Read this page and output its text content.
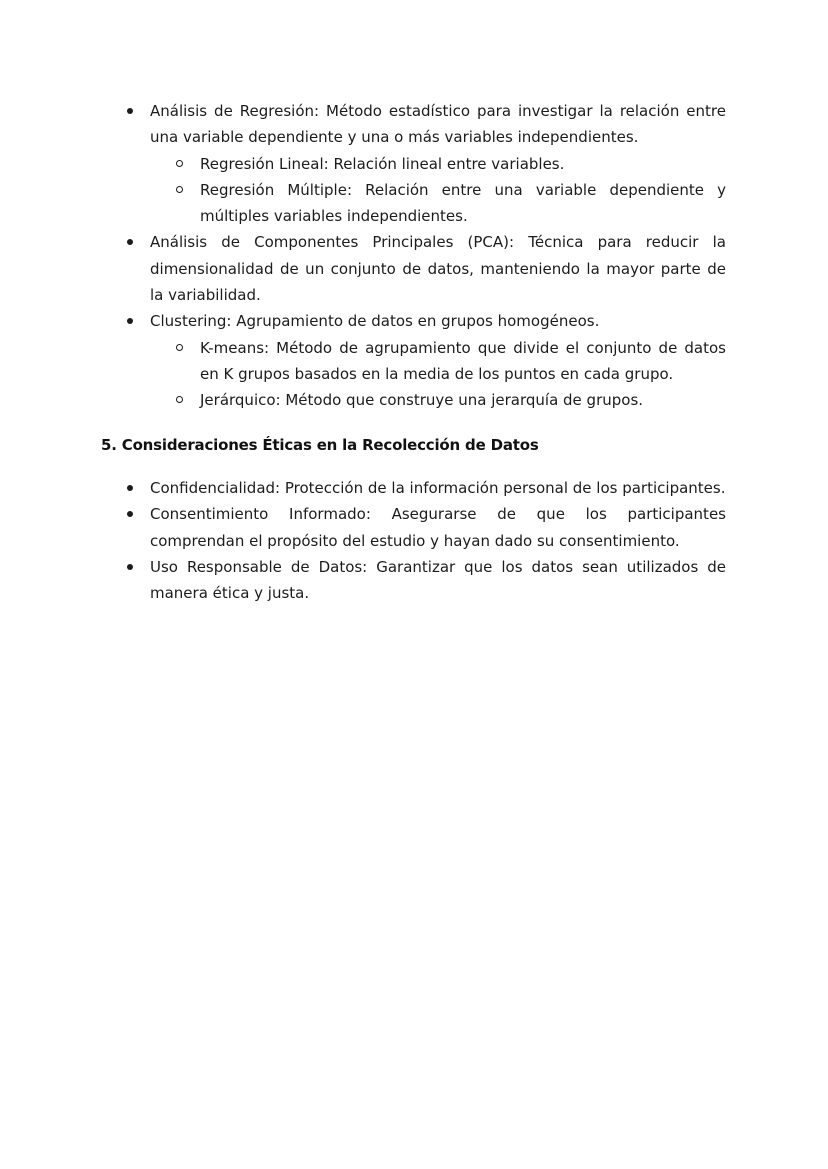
Análisis de Regresión: Método estadístico para investigar la relación entre una variable dependiente y una o más variables independientes.
Regresión Lineal: Relación lineal entre variables.
Regresión Múltiple: Relación entre una variable dependiente y múltiples variables independientes.
Análisis de Componentes Principales (PCA): Técnica para reducir la dimensionalidad de un conjunto de datos, manteniendo la mayor parte de la variabilidad.
Clustering: Agrupamiento de datos en grupos homogéneos.
K-means: Método de agrupamiento que divide el conjunto de datos en K grupos basados en la media de los puntos en cada grupo.
Jerárquico: Método que construye una jerarquía de grupos.
5. Consideraciones Éticas en la Recolección de Datos
Confidencialidad: Protección de la información personal de los participantes.
Consentimiento Informado: Asegurarse de que los participantes comprendan el propósito del estudio y hayan dado su consentimiento.
Uso Responsable de Datos: Garantizar que los datos sean utilizados de manera ética y justa.
